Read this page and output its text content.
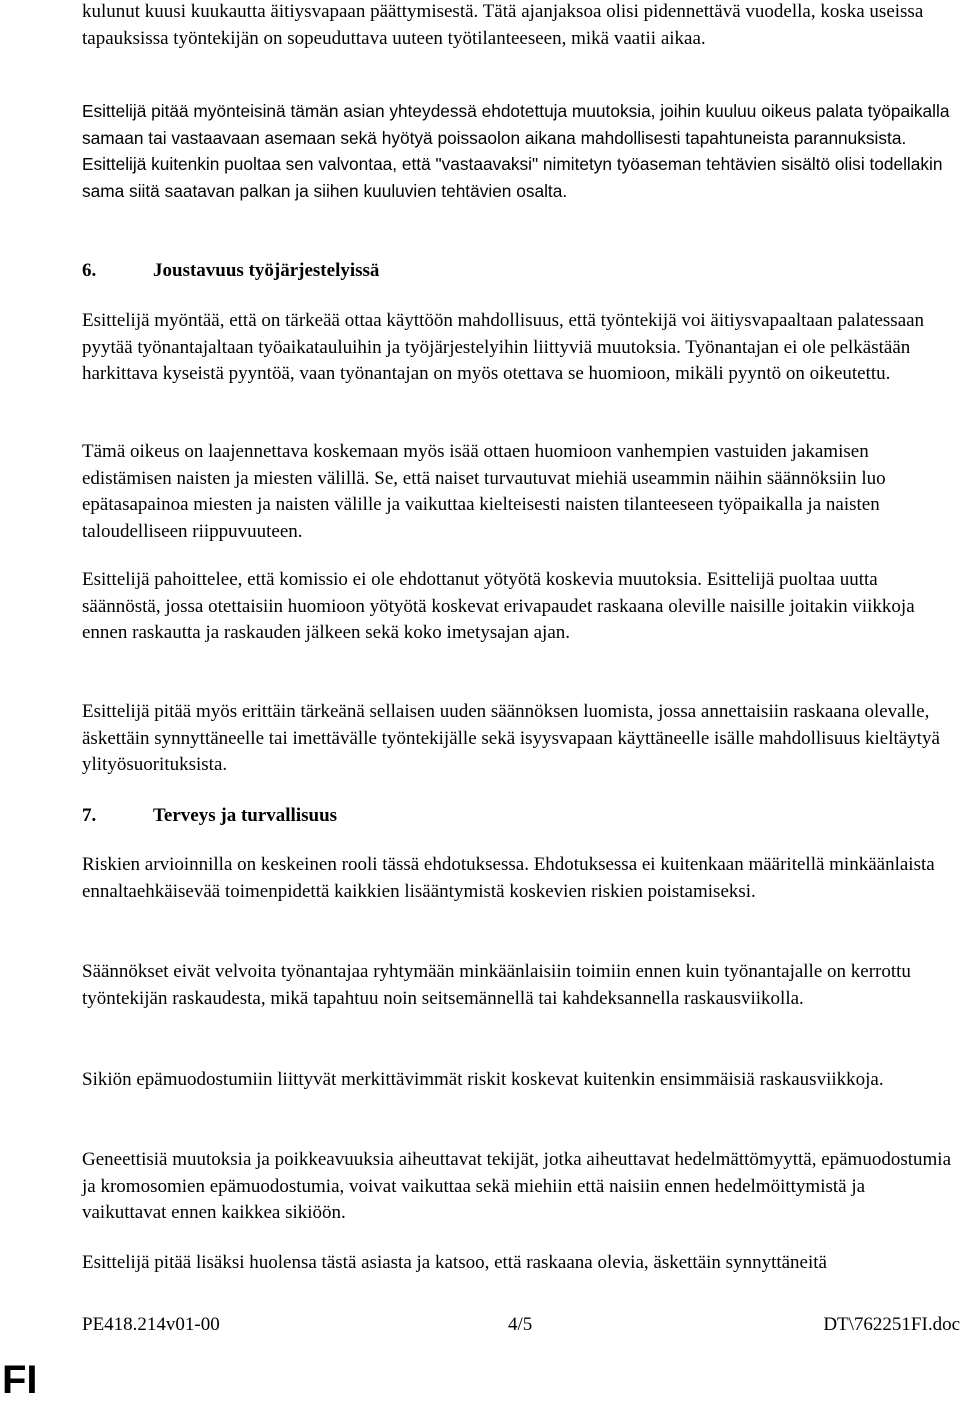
kulunut kuusi kuukautta äitiysvapaan päättymisestä. Tätä ajanjaksoa olisi pidennettävä vuodella, koska useissa tapauksissa työntekijän on sopeuduttava uuteen työtilanteeseen, mikä vaatii aikaa.

Esittelijä pitää myönteisinä tämän asian yhteydessä ehdotettuja muutoksia, joihin kuuluu oikeus palata työpaikalla samaan tai vastaavaan asemaan sekä hyötyä poissaolon aikana mahdollisesti tapahtuneista parannuksista. Esittelijä kuitenkin puoltaa sen valvontaa, että "vastaavaksi" nimitetyn työaseman tehtävien sisältö olisi todellakin sama siitä saatavan palkan ja siihen kuuluvien tehtävien osalta.

6.	Joustavuus työjärjestelyissä

Esittelijä myöntää, että on tärkeää ottaa käyttöön mahdollisuus, että työntekijä voi äitiysvapaaltaan palatessaan pyytää työnantajaltaan työaikatauluihin ja työjärjestelyihin liittyviä muutoksia. Työnantajan ei ole pelkästään harkittava kyseistä pyyntöä, vaan työnantajan on myös otettava se huomioon, mikäli pyyntö on oikeutettu.

Tämä oikeus on laajennettava koskemaan myös isää ottaen huomioon vanhempien vastuiden jakamisen edistämisen naisten ja miesten välillä. Se, että naiset turvautuvat miehiä useammin näihin säännöksiin luo epätasapainoa miesten ja naisten välille ja vaikuttaa kielteisesti naisten tilanteeseen työpaikalla ja naisten taloudelliseen riippuvuuteen.

Esittelijä pahoittelee, että komissio ei ole ehdottanut yötyötä koskevia muutoksia. Esittelijä puoltaa uutta säännöstä, jossa otettaisiin huomioon yötyötä koskevat erivapaudet raskaana oleville naisille joitakin viikkoja ennen raskautta ja raskauden jälkeen sekä koko imetysajan ajan.

Esittelijä pitää myös erittäin tärkeänä sellaisen uuden säännöksen luomista, jossa annettaisiin raskaana olevalle, äskettäin synnyttäneelle tai imettävälle työntekijälle sekä isyysvapaan käyttäneelle isälle mahdollisuus kieltäytyä ylityösuorituksista.

7.	Terveys ja turvallisuus

Riskien arvioinnilla on keskeinen rooli tässä ehdotuksessa. Ehdotuksessa ei kuitenkaan määritellä minkäänlaista ennaltaehkäisevää toimenpidettä kaikkien lisääntymistä koskevien riskien poistamiseksi.

Säännökset eivät velvoita työnantajaa ryhtymään minkäänlaisiin toimiin ennen kuin työnantajalle on kerrottu työntekijän raskaudesta, mikä tapahtuu noin seitsemännellä tai kahdeksannella raskausviikolla.

Sikiön epämuodostumiin liittyvät merkittävimmät riskit koskevat kuitenkin ensimmäisiä raskausviikkoja.

Geneettisiä muutoksia ja poikkeavuuksia aiheuttavat tekijät, jotka aiheuttavat hedelmättömyyttä, epämuodostumia ja kromosomien epämuodostumia, voivat vaikuttaa sekä miehiin että naisiin ennen hedelmöittymistä ja vaikuttavat ennen kaikkea sikiöön.

Esittelijä pitää lisäksi huolensa tästä asiasta ja katsoo, että raskaana olevia, äskettäin synnyttäneitä

PE418.214v01-00	4/5	DT\762251FI.doc
FI
